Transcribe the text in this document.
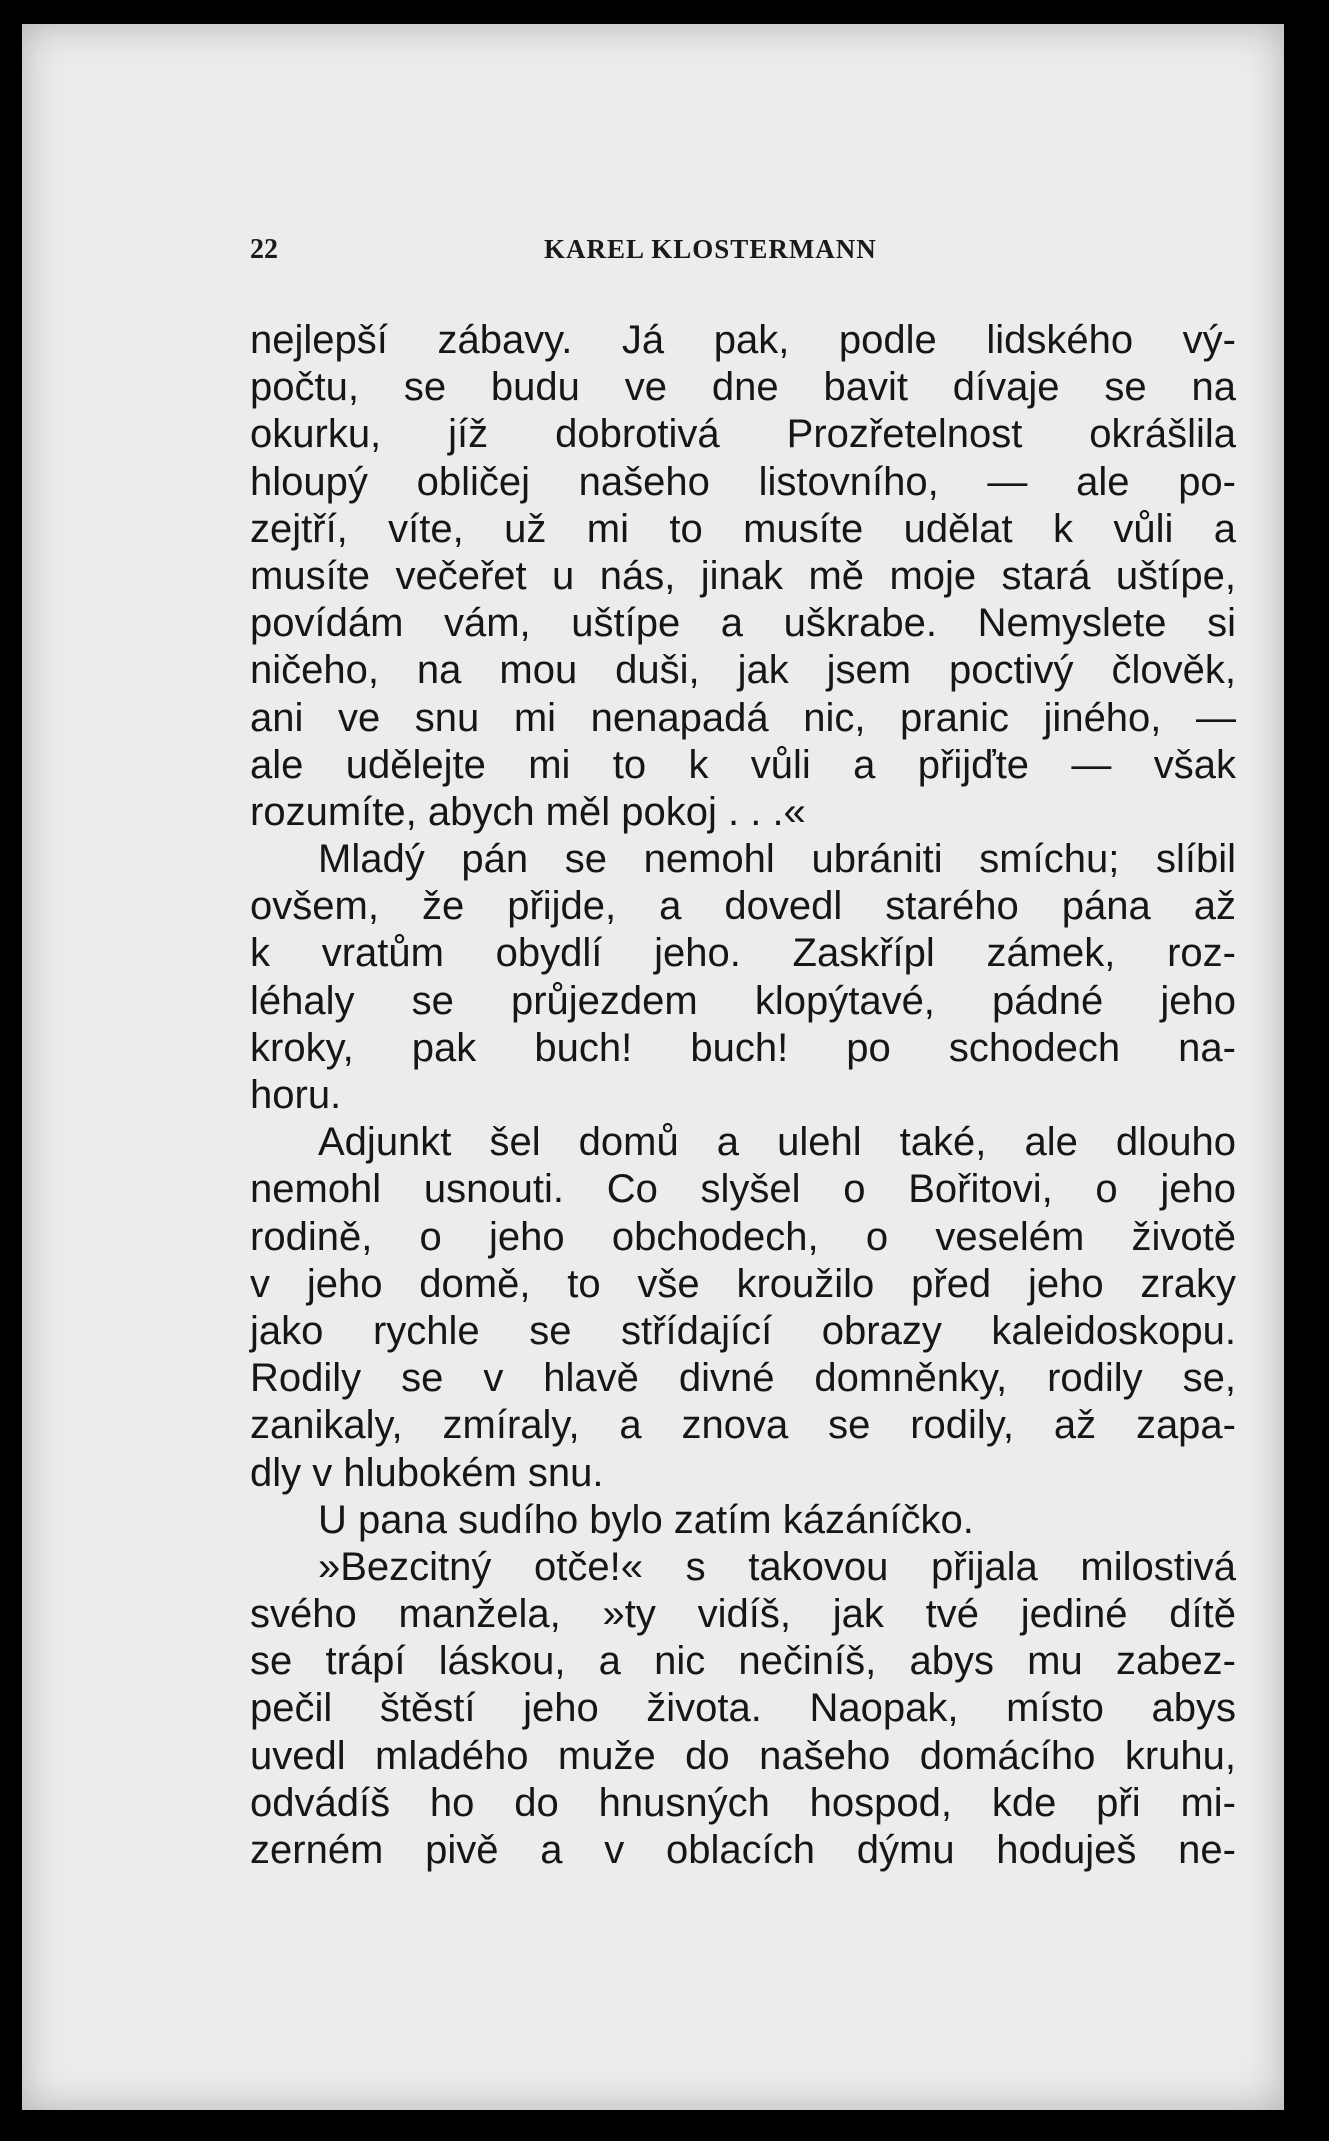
22	KAREL KLOSTERMANN
nejlepší zábavy. Já pak, podle lidského vý-
počtu, se budu ve dne bavit dívaje se na
okurku, jíž dobrotivá Prozřetelnost okrášlila
hloupý obličej našeho listovního, — ale po-
zejtří, víte, už mi to musíte udělat k vůli a
musíte večeřet u nás, jinak mě moje stará uštípe,
povídám vám, uštípe a uškrabe. Nemyslete si
ničeho, na mou duši, jak jsem poctivý člověk,
ani ve snu mi nenapadá nic, pranic jiného, —
ale udělejte mi to k vůli a přijďte — však
rozumíte, abych měl pokoj . . .«
Mladý pán se nemohl ubrániti smíchu; slíbil
ovšem, že přijde, a dovedl starého pána až
k vratům obydlí jeho. Zaskřípl zámek, roz-
léhaly se průjezdem klopýtavé, pádné jeho
kroky, pak buch! buch! po schodech na-
horu.
Adjunkt šel domů a ulehl také, ale dlouho
nemohl usnouti. Co slyšel o Bořitovi, o jeho
rodině, o jeho obchodech, o veselém životě
v jeho domě, to vše kroužilo před jeho zraky
jako rychle se střídající obrazy kaleidoskopu.
Rodily se v hlavě divné domněnky, rodily se,
zanikaly, zmíraly, a znova se rodily, až zapa-
dly v hlubokém snu.
U pana sudího bylo zatím kázáníčko.
»Bezcitný otče!« s takovou přijala milostivá
svého manžela, »ty vidíš, jak tvé jediné dítě
se trápí láskou, a nic nečiníš, abys mu zabez-
pečil štěstí jeho života. Naopak, místo abys
uvedl mladého muže do našeho domácího kruhu,
odvádíš ho do hnusných hospod, kde při mi-
zerném pivě a v oblacích dýmu hoduješ ne-
